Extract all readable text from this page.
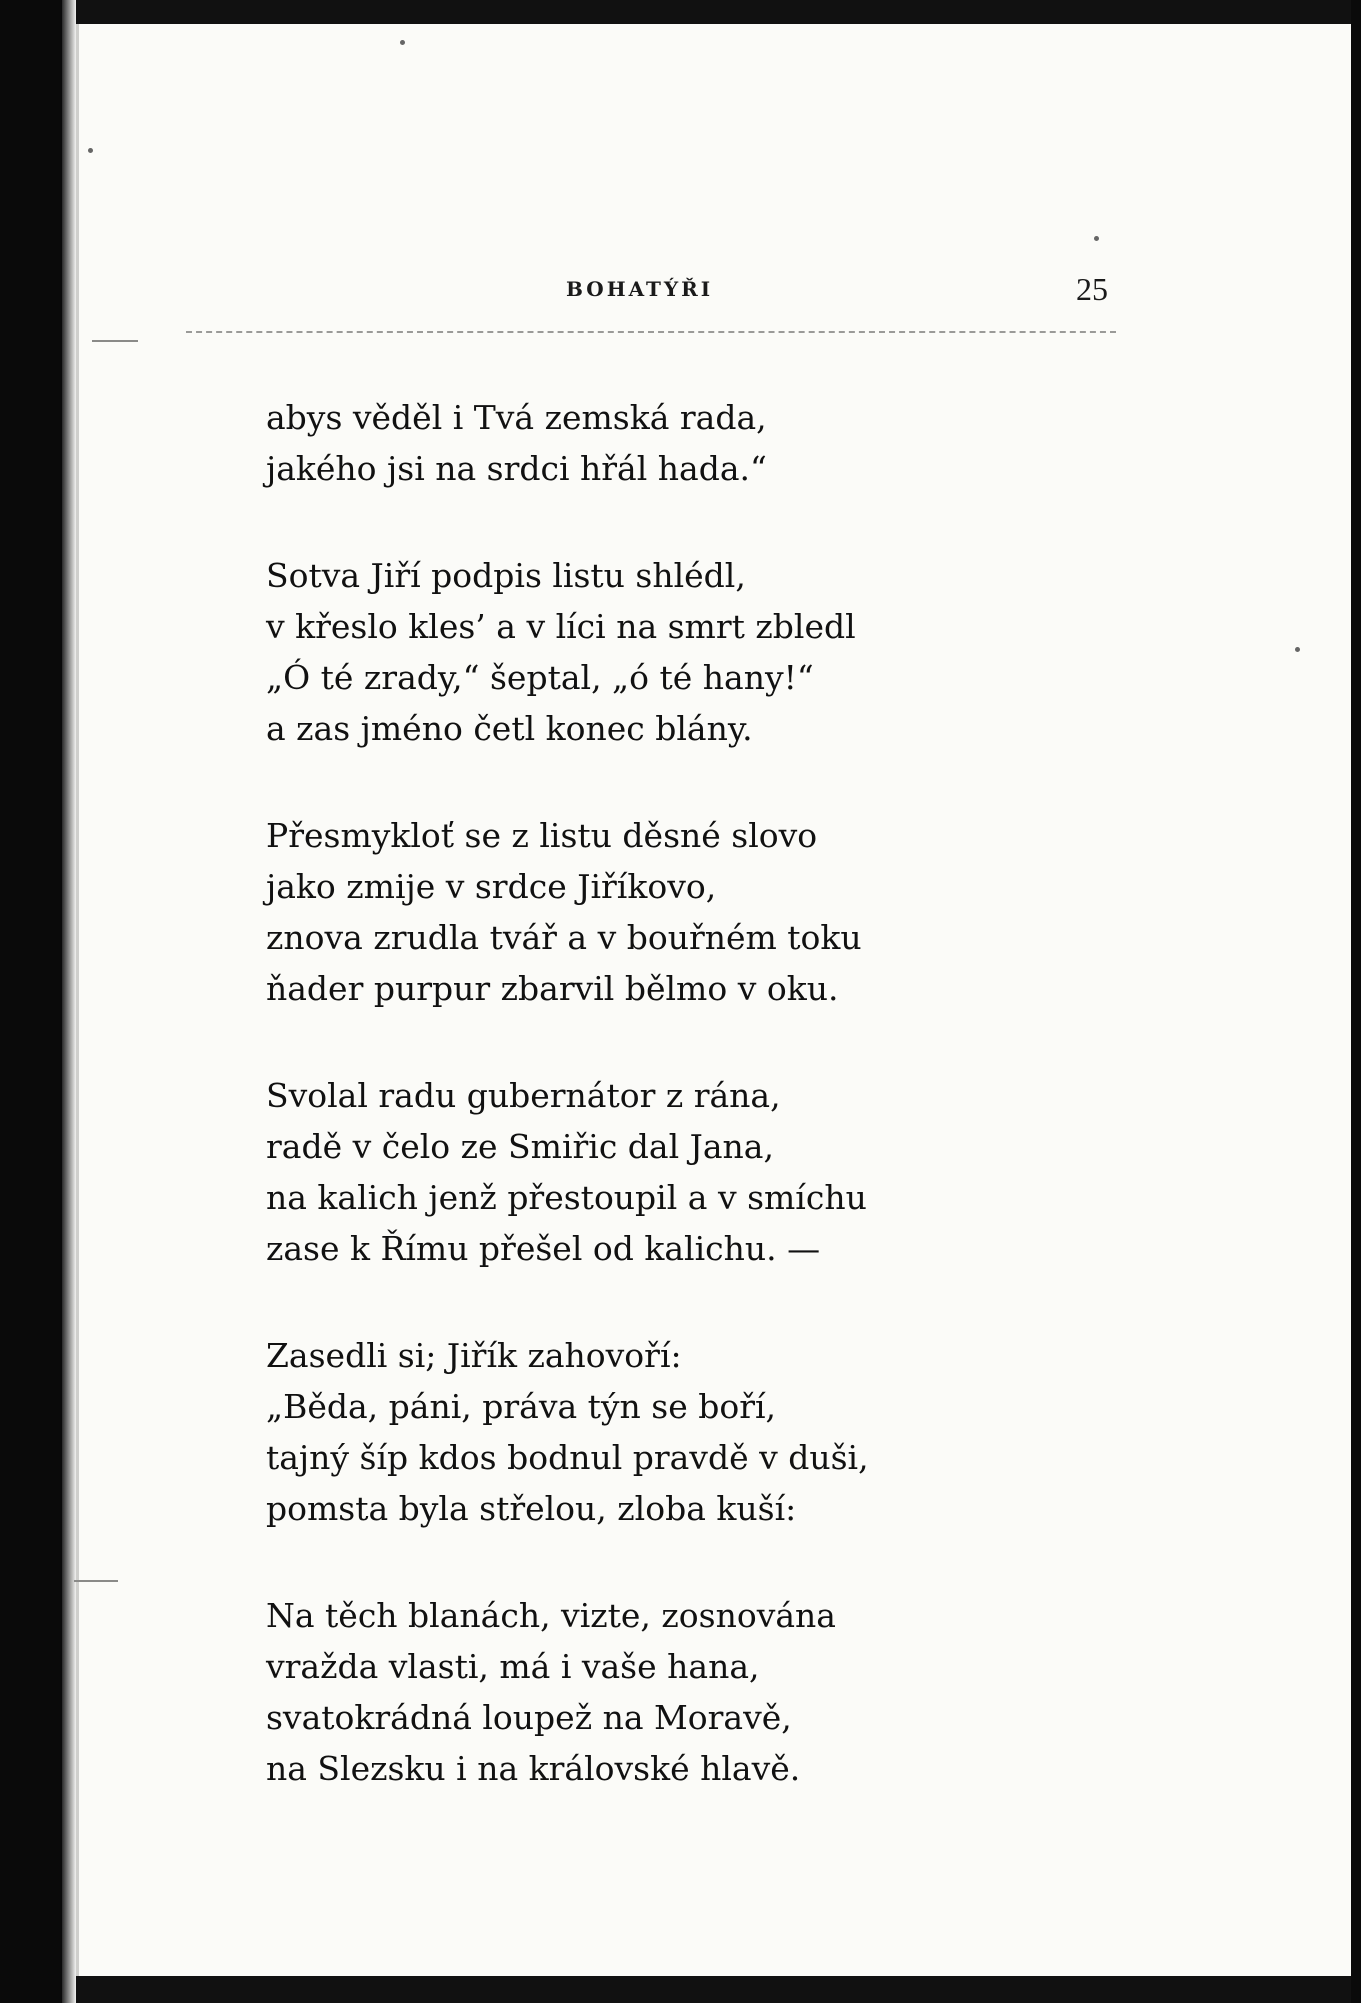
BOHATÝŘI	25
abys věděl i Tvá zemská rada,
jakého jsi na srdci hřál hada.“
Sotva Jiří podpis listu shlédl,
v křeslo kles’ a v líci na smrt zbledl
„Ó té zrady,“ šeptal, „ó té hany!“
a zas jméno četl konec blány.
Přesmykloť se z listu děsné slovo
jako zmije v srdce Jiříkovo,
znova zrudla tvář a v bouřném toku
ňader purpur zbarvil bělmo v oku.
Svolal radu gubernátor z rána,
radě v čelo ze Smiřic dal Jana,
na kalich jenž přestoupil a v smíchu
zase k Římu přešel od kalichu. —
Zasedli si; Jiřík zahovoří:
„Běda, páni, práva týn se boří,
tajný šíp kdos bodnul pravdě v duši,
pomsta byla střelou, zloba kuší:
Na těch blanách, vizte, zosnována
vražda vlasti, má i vaše hana,
svatokrádná loupež na Moravě,
na Slezsku i na královské hlavě.
